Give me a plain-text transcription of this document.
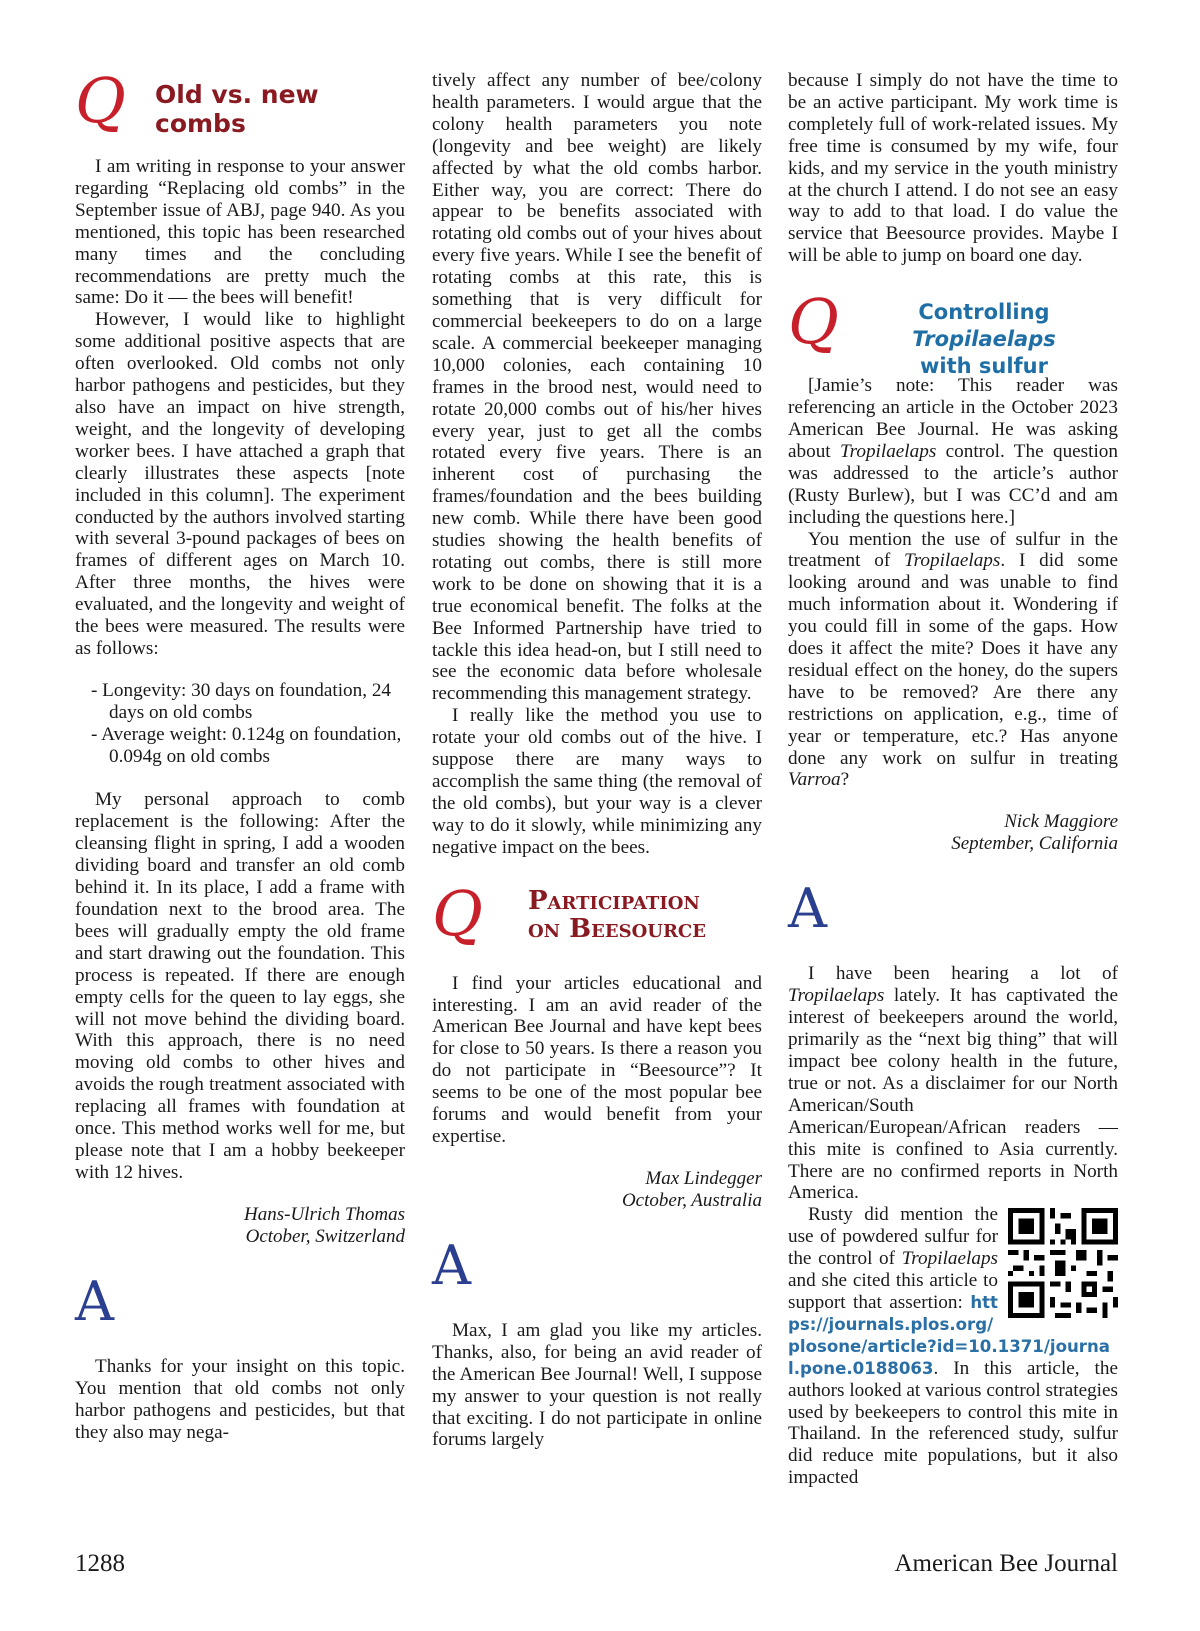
Q Old vs. new combs

I am writing in response to your answer regarding “Replacing old combs” in the September issue of ABJ, page 940. As you mentioned, this topic has been researched many times and the concluding recommendations are pretty much the same: Do it — the bees will benefit!

However, I would like to highlight some additional positive aspects that are often overlooked. Old combs not only harbor pathogens and pesticides, but they also have an impact on hive strength, weight, and the longevity of developing worker bees. I have attached a graph that clearly illustrates these aspects [note included in this column]. The experiment conducted by the authors involved starting with several 3-pound packages of bees on frames of different ages on March 10. After three months, the hives were evaluated, and the longevity and weight of the bees were measured. The results were as follows:

- Longevity: 30 days on foundation, 24 days on old combs
- Average weight: 0.124g on foundation, 0.094g on old combs

My personal approach to comb replacement is the following: After the cleansing flight in spring, I add a wooden dividing board and transfer an old comb behind it. In its place, I add a frame with foundation next to the brood area. The bees will gradually empty the old frame and start drawing out the foundation. This process is repeated. If there are enough empty cells for the queen to lay eggs, she will not move behind the dividing board. With this approach, there is no need moving old combs to other hives and avoids the rough treatment associated with replacing all frames with foundation at once. This method works well for me, but please note that I am a hobby beekeeper with 12 hives.

Hans-Ulrich Thomas
October, Switzerland
A

Thanks for your insight on this topic. You mention that old combs not only harbor pathogens and pesticides, but that they also may nega-

tively affect any number of bee/colony health parameters. I would argue that the colony health parameters you note (longevity and bee weight) are likely affected by what the old combs harbor. Either way, you are correct: There do appear to be benefits associated with rotating old combs out of your hives about every five years. While I see the benefit of rotating combs at this rate, this is something that is very difficult for commercial beekeepers to do on a large scale. A commercial beekeeper managing 10,000 colonies, each containing 10 frames in the brood nest, would need to rotate 20,000 combs out of his/her hives every year, just to get all the combs rotated every five years. There is an inherent cost of purchasing the frames/foundation and the bees building new comb. While there have been good studies showing the health benefits of rotating out combs, there is still more work to be done on showing that it is a true economical benefit. The folks at the Bee Informed Partnership have tried to tackle this idea head-on, but I still need to see the economic data before wholesale recommending this management strategy.

I really like the method you use to rotate your old combs out of the hive. I suppose there are many ways to accomplish the same thing (the removal of the old combs), but your way is a clever way to do it slowly, while minimizing any negative impact on the bees.

Q Participation
on Beesource

I find your articles educational and interesting. I am an avid reader of the American Bee Journal and have kept bees for close to 50 years. Is there a reason you do not participate in “Beesource”? It seems to be one of the most popular bee forums and would benefit from your expertise.

Max Lindegger
October, Australia
A

Max, I am glad you like my articles. Thanks, also, for being an avid reader of the American Bee Journal! Well, I suppose my answer to your question is not really that exciting. I do not participate in online forums largely

because I simply do not have the time to be an active participant. My work time is completely full of work-related issues. My free time is consumed by my wife, four kids, and my service in the youth ministry at the church I attend. I do not see an easy way to add to that load. I do value the service that Beesource provides. Maybe I will be able to jump on board one day.

Q	Controlling Tropilaelaps
with sulfur

[Jamie’s note: This reader was referencing an article in the October 2023 American Bee Journal. He was asking about Tropilaelaps control. The question was addressed to the article’s author (Rusty Burlew), but I was CC’d and am including the questions here.]

You mention the use of sulfur in the treatment of Tropilaelaps. I did some looking around and was unable to find much information about it. Wondering if you could fill in some of the gaps. How does it affect the mite? Does it have any residual effect on the honey, do the supers have to be removed? Are there any restrictions on application, e.g., time of year or temperature, etc.? Has anyone done any work on sulfur in treating Varroa?

Nick Maggiore
September, California
A

I have been hearing a lot of Tropilaelaps lately. It has captivated the interest of beekeepers around the world, primarily as the “next big thing” that will impact bee colony health in the future, true or not. As a disclaimer for our North American/South American/European/African readers — this mite is confined to Asia currently. There are no confirmed reports in North America.

Rusty did mention the use of powdered sulfur for the control of Tropilaelaps and she cited this article to support that assertion: https://journals.plos.org/plosone/article?id=10.1371/journal.pone.0188063. In this article, the authors looked at various control strategies used by beekeepers to control this mite in Thailand. In the referenced study, sulfur did reduce mite populations, but it also impacted

1288	American Bee Journal
